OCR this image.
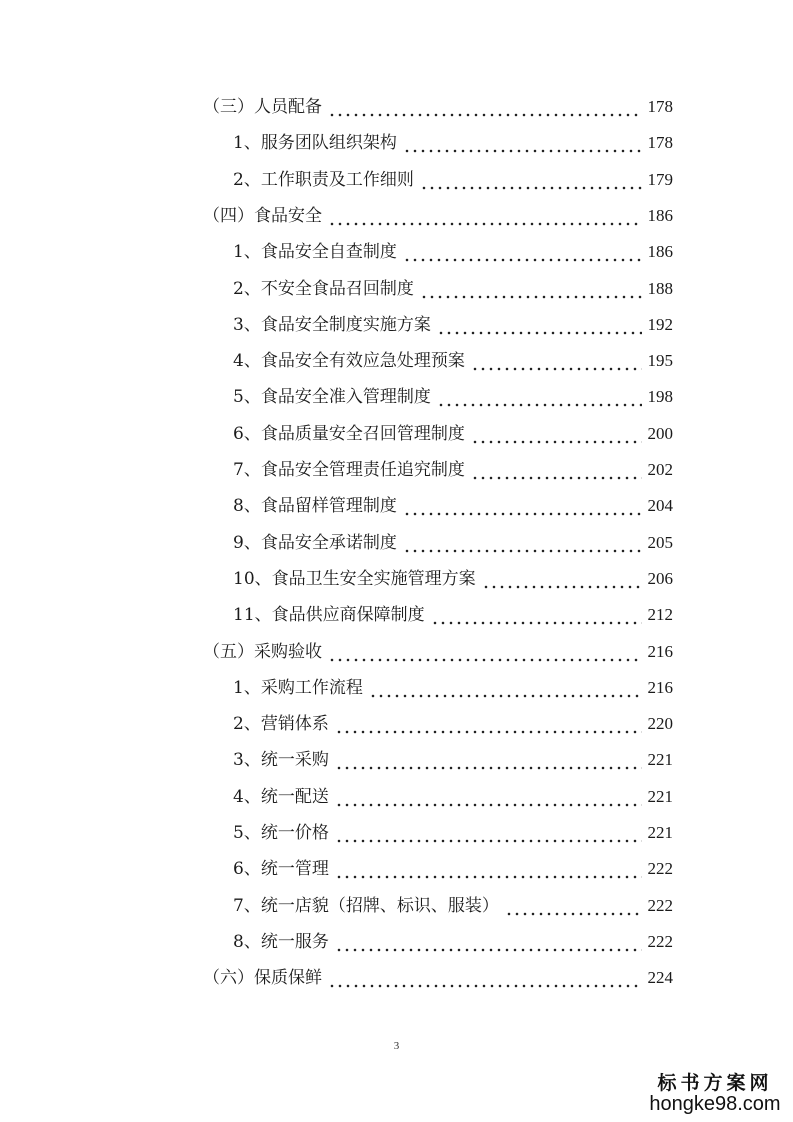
（三）人员配备	178
1、服务团队组织架构	178
2、工作职责及工作细则	179
（四）食品安全	186
1、食品安全自查制度	186
2、不安全食品召回制度	188
3、食品安全制度实施方案	192
4、食品安全有效应急处理预案	195
5、食品安全准入管理制度	198
6、食品质量安全召回管理制度	200
7、食品安全管理责任追究制度	202
8、食品留样管理制度	204
9、食品安全承诺制度	205
10、食品卫生安全实施管理方案	206
11、食品供应商保障制度	212
（五）采购验收	216
1、采购工作流程	216
2、营销体系	220
3、统一采购	221
4、统一配送	221
5、统一价格	221
6、统一管理	222
7、统一店貌（招牌、标识、服装）	222
8、统一服务	222
（六）保质保鲜	224
3
标书方案网
hongke98.com
